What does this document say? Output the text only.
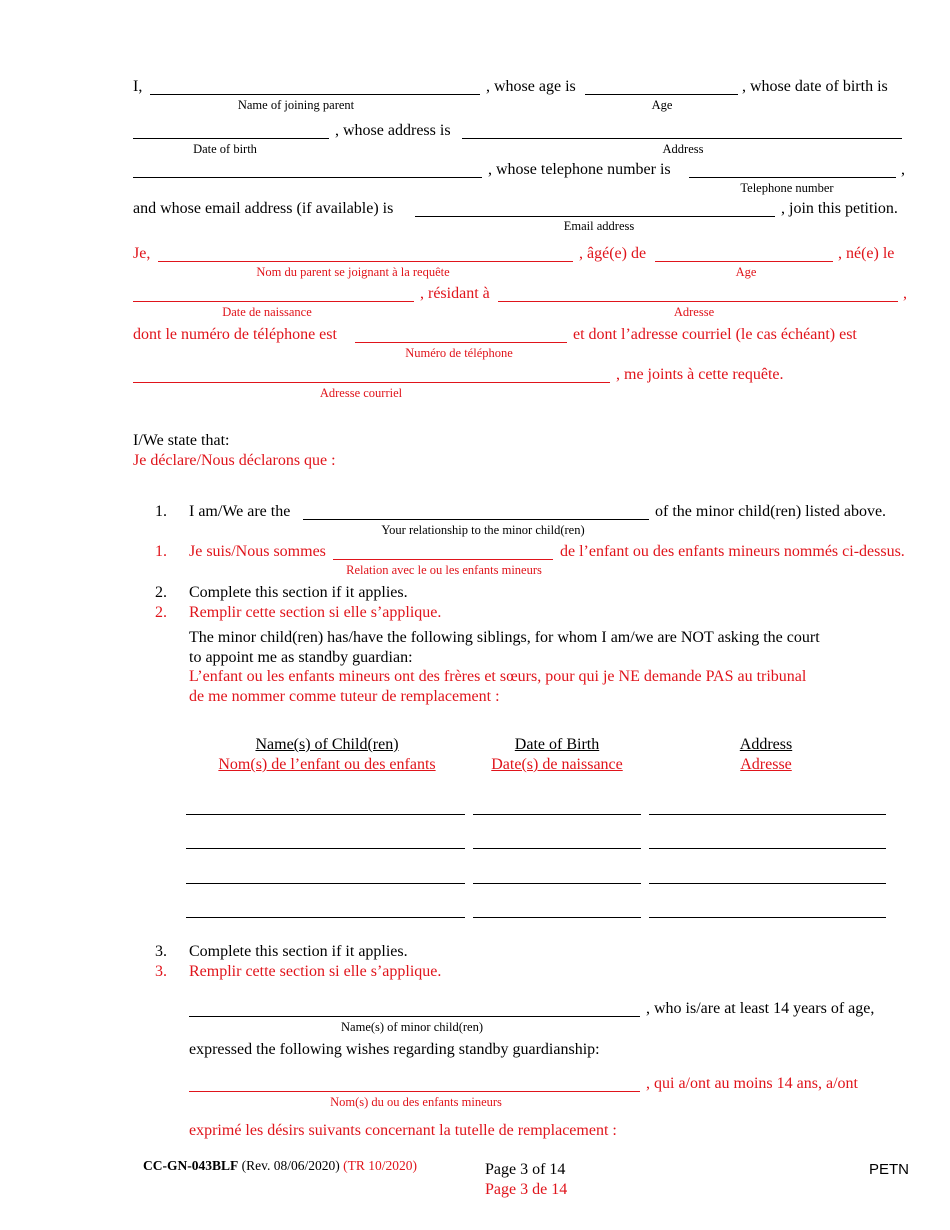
I,
Name of joining parent
, whose age is
Age
, whose date of birth is
Date of birth
, whose address is
Address
, whose telephone number is
Telephone number
,
and whose email address (if available) is
Email address
, join this petition.
Je,
Nom du parent se joignant à la requête
, âgé(e) de
Age
, né(e) le
Date de naissance
, résidant à
Adresse
,
dont le numéro de téléphone est
Numéro de téléphone
et dont l’adresse courriel (le cas échéant) est
Adresse courriel
, me joints à cette requête.
I/We state that:
Je déclare/Nous déclarons que :
1. I am/We are the
Your relationship to the minor child(ren)
of the minor child(ren) listed above.
1. Je suis/Nous sommes
Relation avec le ou les enfants mineurs
de l’enfant ou des enfants mineurs nommés ci-dessus.
2. Complete this section if it applies.
2. Remplir cette section si elle s’applique.
The minor child(ren) has/have the following siblings, for whom I am/we are NOT asking the court
to appoint me as standby guardian:
L’enfant ou les enfants mineurs ont des frères et sœurs, pour qui je NE demande PAS au tribunal
de me nommer comme tuteur de remplacement :
Name(s) of Child(ren)
Nom(s) de l’enfant ou des enfants
Date of Birth
Date(s) de naissance
Address
Adresse
3. Complete this section if it applies.
3. Remplir cette section si elle s’applique.
Name(s) of minor child(ren)
, who is/are at least 14 years of age,
expressed the following wishes regarding standby guardianship:
Nom(s) du ou des enfants mineurs
, qui a/ont au moins 14 ans, a/ont
exprimé les désirs suivants concernant la tutelle de remplacement :
CC-GN-043BLF (Rev. 08/06/2020) (TR 10/2020)	Page 3 of 14
Page 3 de 14
PETN
